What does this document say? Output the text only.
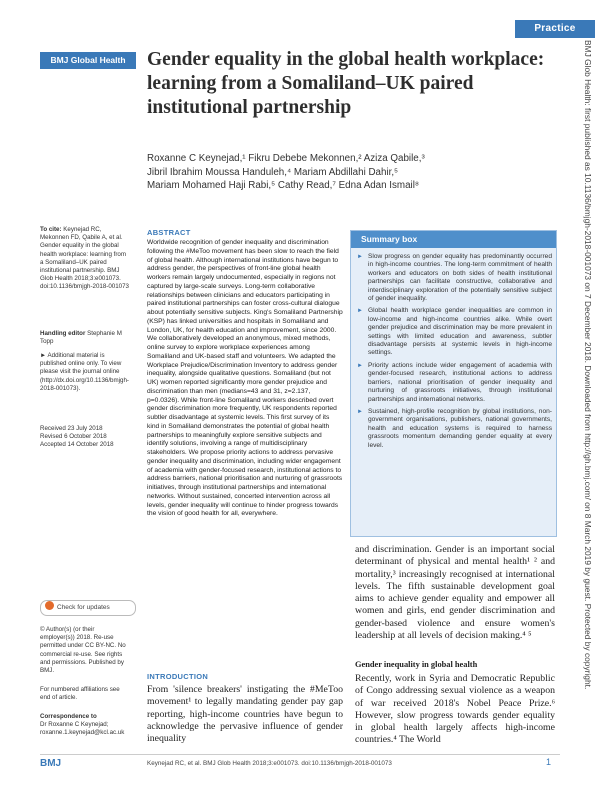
Practice
BMJ Global Health	Gender equality in the global health workplace: learning from a Somaliland–UK paired institutional partnership

Roxanne C Keynejad,¹ Fikru Debebe Mekonnen,² Aziza Qabile,³

Jibril Ibrahim Moussa Handuleh,⁴ Mariam Abdillahi Dahir,⁵

Mariam Mohamed Haji Rabi,⁵ Cathy Read,⁷ Edna Adan Ismail⁸	BMJ Glob Health: first published as 10.1136/bmjgh-2018-001073 on 7 December 2018. Downloaded from http://gh.bmj.com/ on 8 March 2019 by guest. Protected by copyright.

To cite: Keynejad RC, Mekonnen FD, Qabile A, et al. Gender equality in the global health workplace: learning from a Somaliland–UK paired institutional partnership. BMJ Glob Health 2018;3:e001073. doi:10.1136/bmjgh-2018-001073

Handling editor Stephanie M Topp

► Additional material is published online only. To view please visit the journal online (http://dx.doi.org/10.1136/bmjgh-2018-001073).

Received 23 July 2018

Revised 6 October 2018

Accepted 14 October 2018

Check for updates
© Author(s) (or their employer(s)) 2018. Re-use permitted under CC BY-NC. No commercial re-use. See rights and permissions. Published by BMJ.
For numbered affiliations see end of article.

Correspondence to

Dr Roxanne C Keynejad; roxanne.1.keynejad@kcl.ac.uk

ABSTRACT
Worldwide recognition of gender inequality and discrimination following the #MeToo movement has been slow to reach the field of global health. Although international institutions have begun to address gender, the perspectives of front-line global health workers remain largely undocumented, especially in regions not captured by large-scale surveys. Long-term collaborative relationships between clinicians and educators participating in paired institutional partnerships can foster cross-cultural dialogue about potentially sensitive subjects. King's Somaliland Partnership (KSP) has linked universities and hospitals in Somaliland and London, UK, for health education and improvement, since 2000. We collaboratively developed an anonymous, mixed methods, online survey to explore workplace experiences among Somaliland and UK-based staff and volunteers. We adapted the Workplace Prejudice/Discrimination Inventory to address gender inequality, alongside qualitative questions. Somaliland (but not UK) women reported significantly more gender prejudice and discrimination than men (medians=43 and 31, z=2.137, p=0.0326). While front-line Somaliland workers described overt gender discrimination more frequently, UK respondents reported subtler disadvantage at systemic levels. This first survey of its kind in Somaliland demonstrates the potential of global health partnerships to meaningfully explore sensitive subjects and identify solutions, involving a range of multidisciplinary stakeholders. We propose priority actions to address pervasive gender inequality and discrimination, including wider engagement of academia with gender-focused research, institutional actions to address barriers, national prioritisation and nurturing of grassroots initiatives, through institutional partnerships and international networks. Without sustained, concerted intervention across all levels, gender inequality will continue to hinder progress towards the vision of good health for all, everywhere.
Summary box
► Slow progress on gender equality has predominantly occurred in high-income countries. The long-term commitment of health workers and educators on both sides of health institutional partnerships can facilitate constructive, collaborative and interdisciplinary exploration of the potentially sensitive subject of gender inequality.
► Global health workplace gender inequalities are common in low-income and high-income countries alike. While overt gender prejudice and discrimination may be more prevalent in settings with limited education and awareness, subtler disadvantage persists at systemic levels in high-income settings.
► Priority actions include wider engagement of academia with gender-focused research, institutional actions to address barriers, national prioritisation of gender inequality and nurturing of grassroots initiatives, through institutional partnerships and international networks.
► Sustained, high-profile recognition by global institutions, non-government organisations, publishers, national governments, health and education systems is required to harness grassroots momentum demanding gender equality at every level.
and discrimination. Gender is an important social determinant of physical and mental health¹ ² and mortality,³ increasingly recognised at international levels. The fifth sustainable development goal aims to achieve gender equality and empower all women and girls, end gender discrimination and gender-based violence and ensure women's leadership at all levels of decision making.⁴ ⁵
Gender inequality in global health
Recently, work in Syria and Democratic Republic of Congo addressing sexual violence as a weapon of war received 2018's Nobel Peace Prize.⁶ However, slow progress towards gender equality in global health largely affects high-income countries.⁴ The World
INTRODUCTION
From 'silence breakers' instigating the #MeToo movement¹ to legally mandating gender pay gap reporting, high-income countries have begun to acknowledge the pervasive influence of gender inequality
BMJ	Keynejad RC, et al. BMJ Glob Health 2018;3:e001073. doi:10.1136/bmjgh-2018-001073	1
